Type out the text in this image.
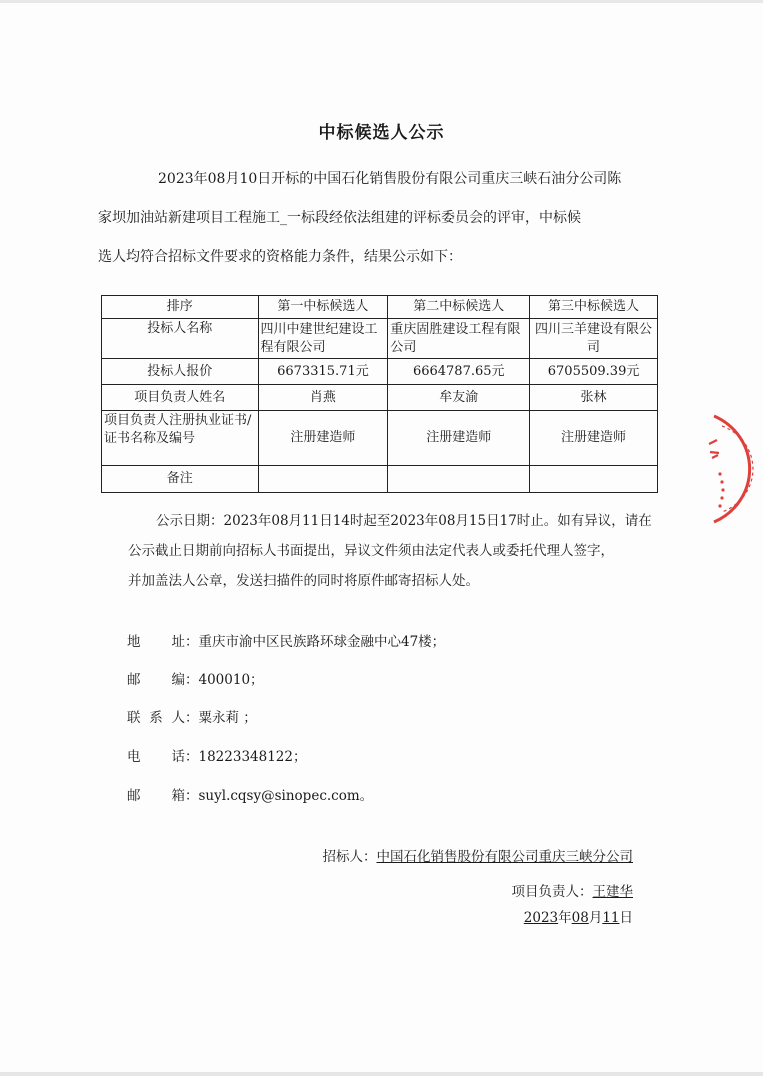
中标候选人公示

2023年08月10日开标的中国石化销售股份有限公司重庆三峡石油分公司陈

家坝加油站新建项目工程施工_一标段经依法组建的评标委员会的评审，中标候

选人均符合招标文件要求的资格能力条件，结果公示如下：

排序	第一中标候选人	第二中标候选人	第三中标候选人
投标人名称	四川中建世纪建设工程有限公司	重庆固胜建设工程有限公司	四川三羊建设有限公司
投标人报价	6673315.71元	6664787.65元	6705509.39元
项目负责人姓名	肖燕	牟友渝	张林
项目负责人注册执业证书/证书名称及编号	注册建造师	注册建造师	注册建造师
备注			

公示日期：2023年08月11日14时起至2023年08月15日17时止。如有异议，请在

公示截止日期前向招标人书面提出，异议文件须由法定代表人或委托代理人签字，

并加盖法人公章，发送扫描件的同时将原件邮寄招标人处。

地址：重庆市渝中区民族路环球金融中心47楼；
邮编：400010；
联系人：粟永莉 ；
电话：18223348122；
邮箱：suyl.cqsy@sinopec.com。
招标人：中国石化销售股份有限公司重庆三峡分公司
项目负责人：王建华
2023年08月11日
